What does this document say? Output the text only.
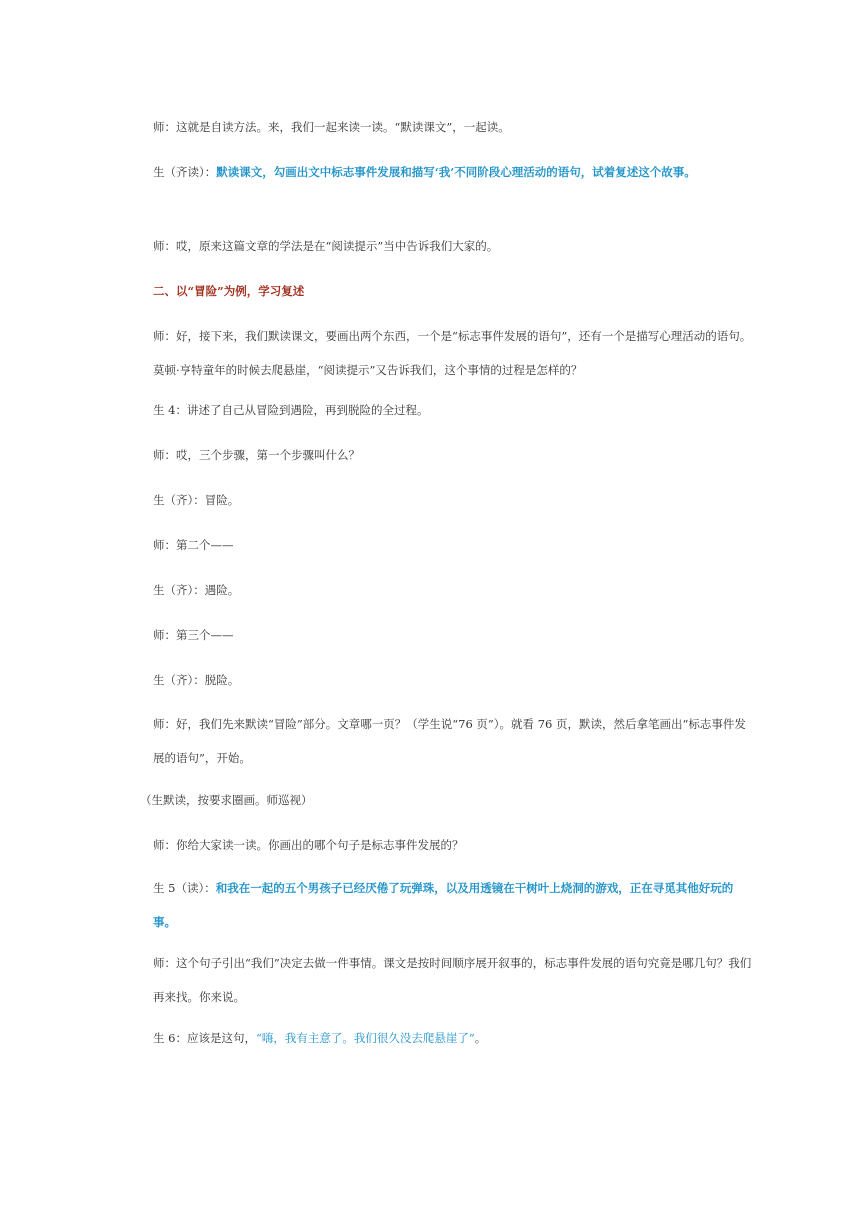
师：这就是自读方法。来，我们一起来读一读。“默读课文”，一起读。

生（齐读）：默读课文，勾画出文中标志事件发展和描写‘我’不同阶段心理活动的语句，试着复述这个故事。

师：哎，原来这篇文章的学法是在“阅读提示”当中告诉我们大家的。

二、以“冒险”为例，学习复述

师：好，接下来，我们默读课文，要画出两个东西，一个是“标志事件发展的语句”，还有一个是描写心理活动的语句。莫顿·亨特童年的时候去爬悬崖，“阅读提示”又告诉我们，这个事情的过程是怎样的？

生 4：讲述了自己从冒险到遇险，再到脱险的全过程。

师：哎，三个步骤，第一个步骤叫什么？

生（齐）：冒险。

师：第二个——

生（齐）：遇险。

师：第三个——

生（齐）：脱险。

师：好，我们先来默读“冒险”部分。文章哪一页？（学生说“76 页”）。就看 76 页，默读，然后拿笔画出“标志事件发展的语句”，开始。

（生默读，按要求圈画。师巡视）

师：你给大家读一读。你画出的哪个句子是标志事件发展的？

生 5（读）：和我在一起的五个男孩子已经厌倦了玩弹珠，以及用透镜在干树叶上烧洞的游戏，正在寻觅其他好玩的事。

师：这个句子引出“我们”决定去做一件事情。课文是按时间顺序展开叙事的，标志事件发展的语句究竟是哪几句？我们再来找。你来说。

生 6：应该是这句，“嗨，我有主意了。我们很久没去爬悬崖了”。
